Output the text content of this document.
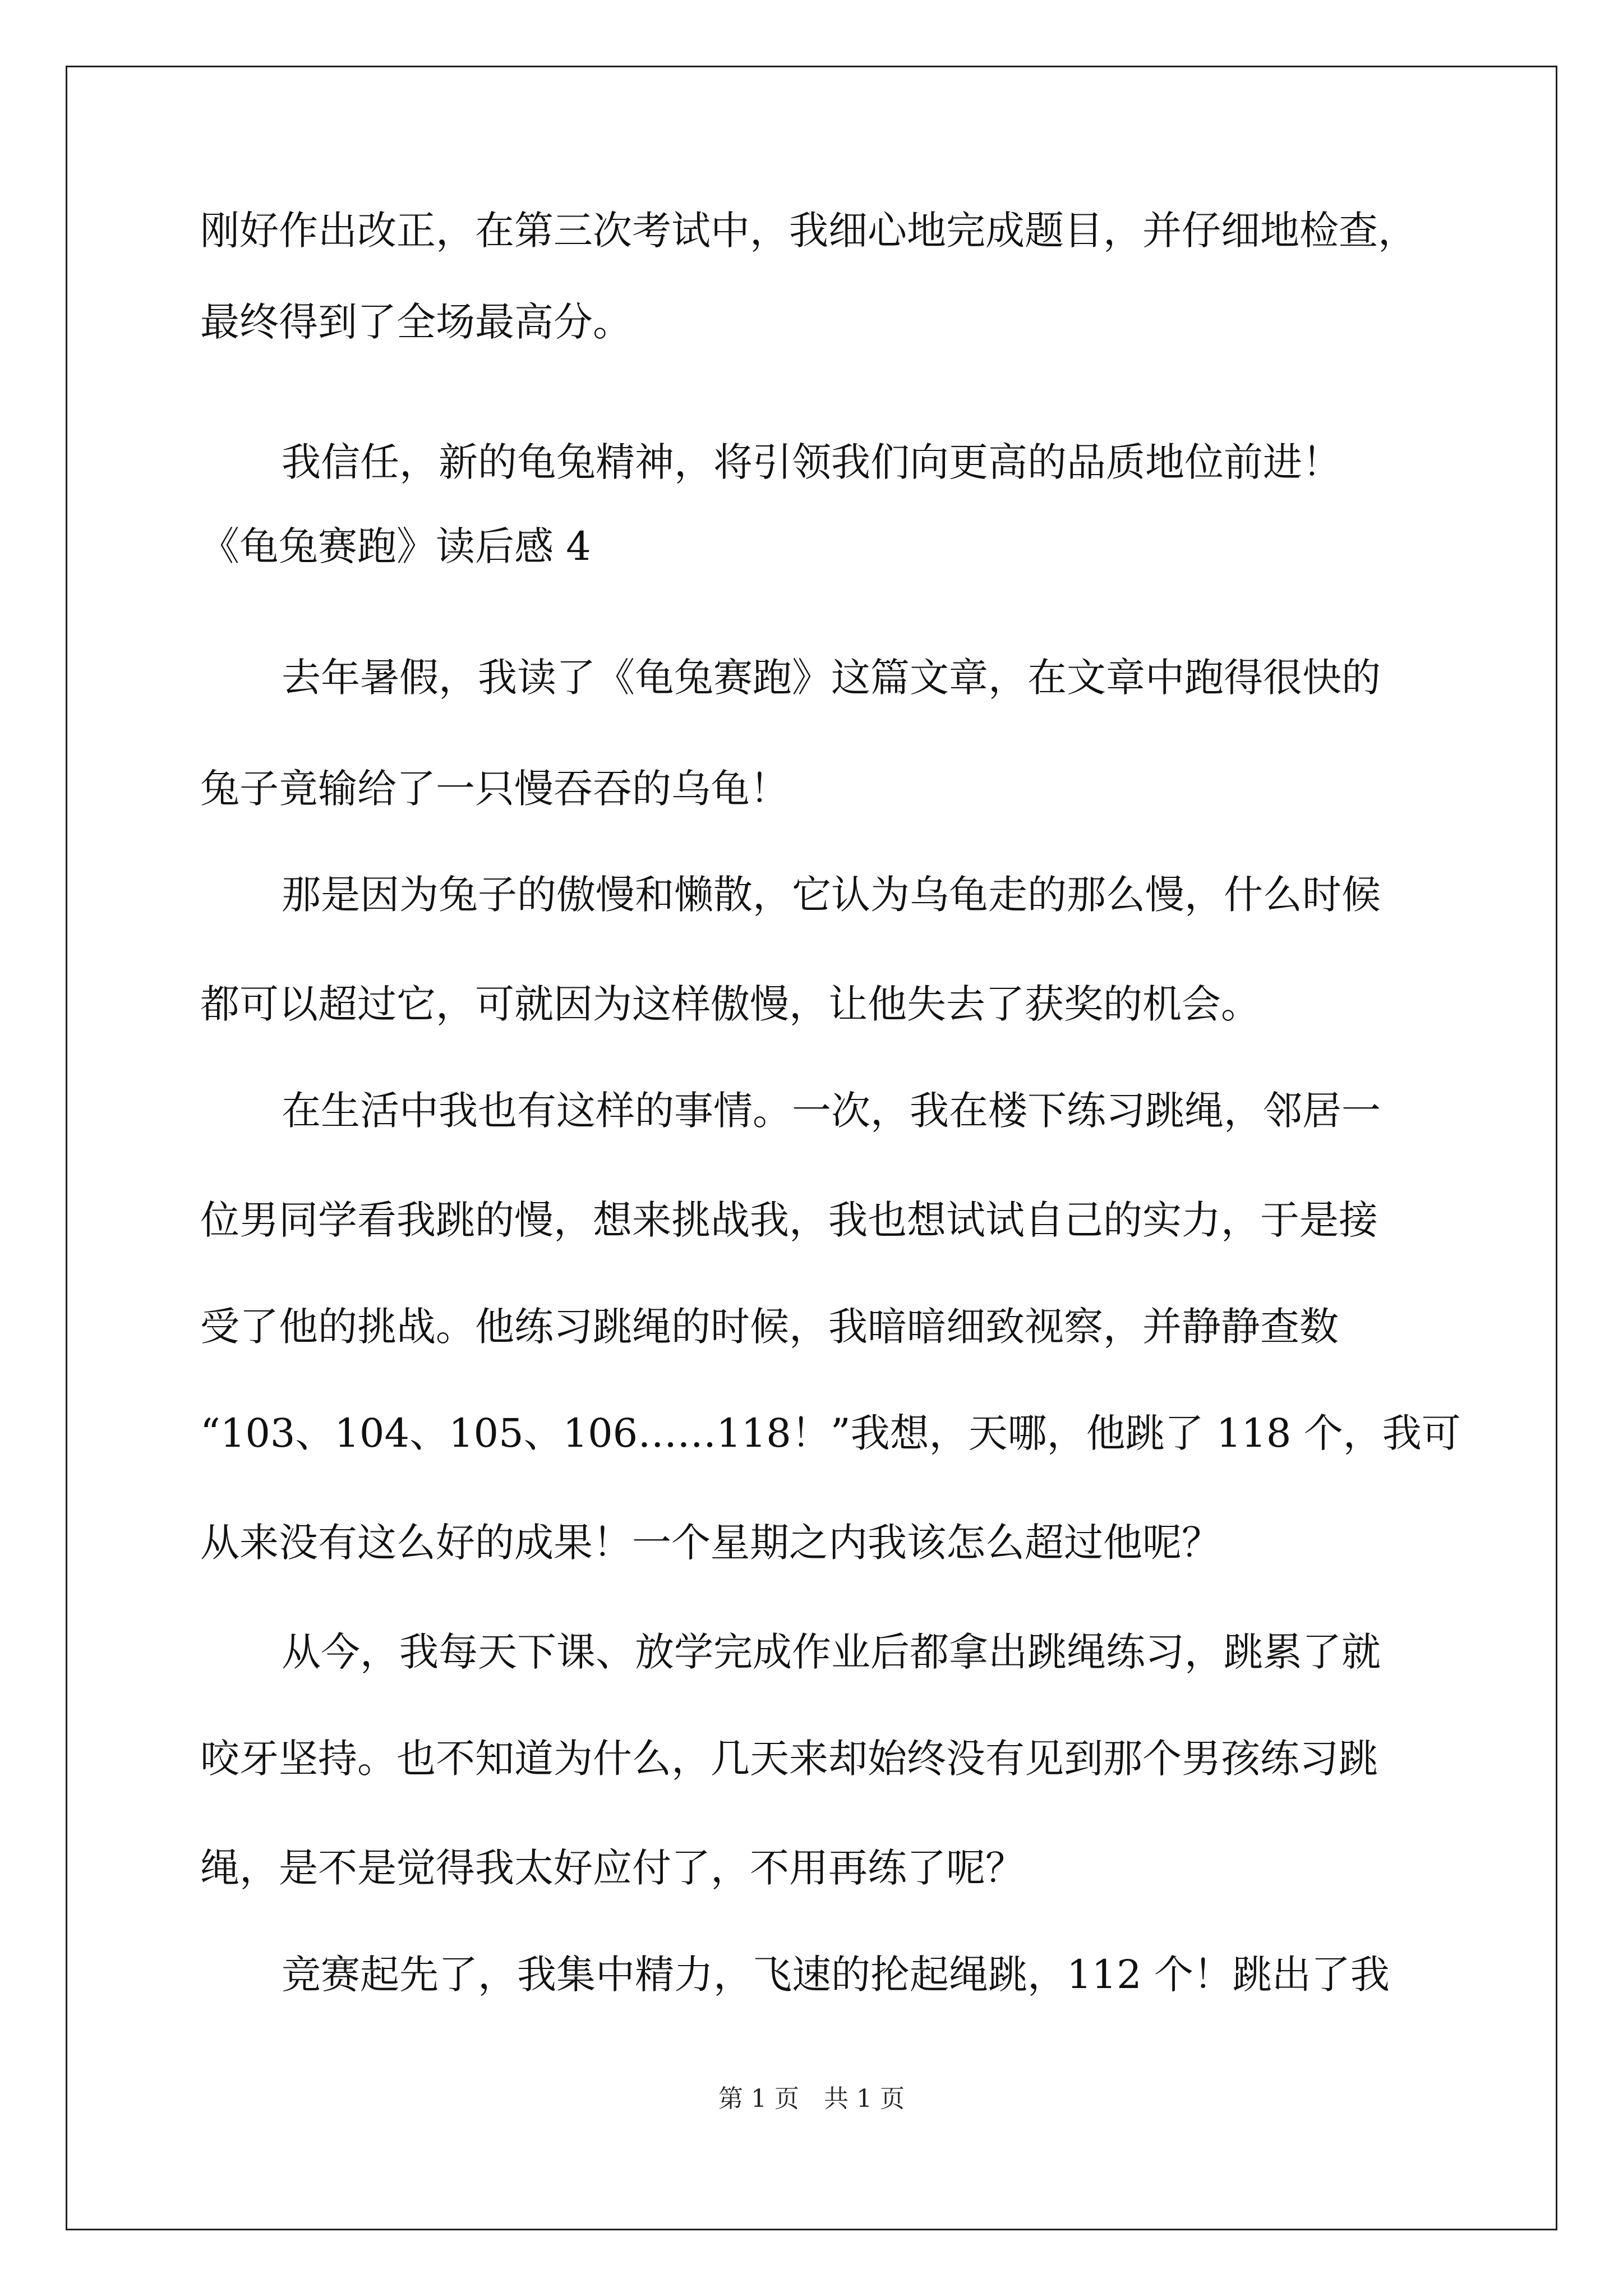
刚好作出改正，在第三次考试中，我细心地完成题目，并仔细地检查，

最终得到了全场最高分。

我信任，新的龟兔精神，将引领我们向更高的品质地位前进！

《龟兔赛跑》读后感 4

去年暑假，我读了《龟兔赛跑》这篇文章，在文章中跑得很快的

兔子竟输给了一只慢吞吞的乌龟！

那是因为兔子的傲慢和懒散，它认为乌龟走的那么慢，什么时候

都可以超过它，可就因为这样傲慢，让他失去了获奖的机会。

在生活中我也有这样的事情。一次，我在楼下练习跳绳，邻居一

位男同学看我跳的慢，想来挑战我，我也想试试自己的实力，于是接

受了他的挑战。他练习跳绳的时候，我暗暗细致视察，并静静查数

“103、104、105、106……118！”我想，天哪，他跳了 118 个，我可

从来没有这么好的成果！一个星期之内我该怎么超过他呢？

从今，我每天下课、放学完成作业后都拿出跳绳练习，跳累了就

咬牙坚持。也不知道为什么，几天来却始终没有见到那个男孩练习跳

绳，是不是觉得我太好应付了，不用再练了呢？

竞赛起先了，我集中精力，飞速的抡起绳跳，112 个！跳出了我

第 1 页　共 1 页
